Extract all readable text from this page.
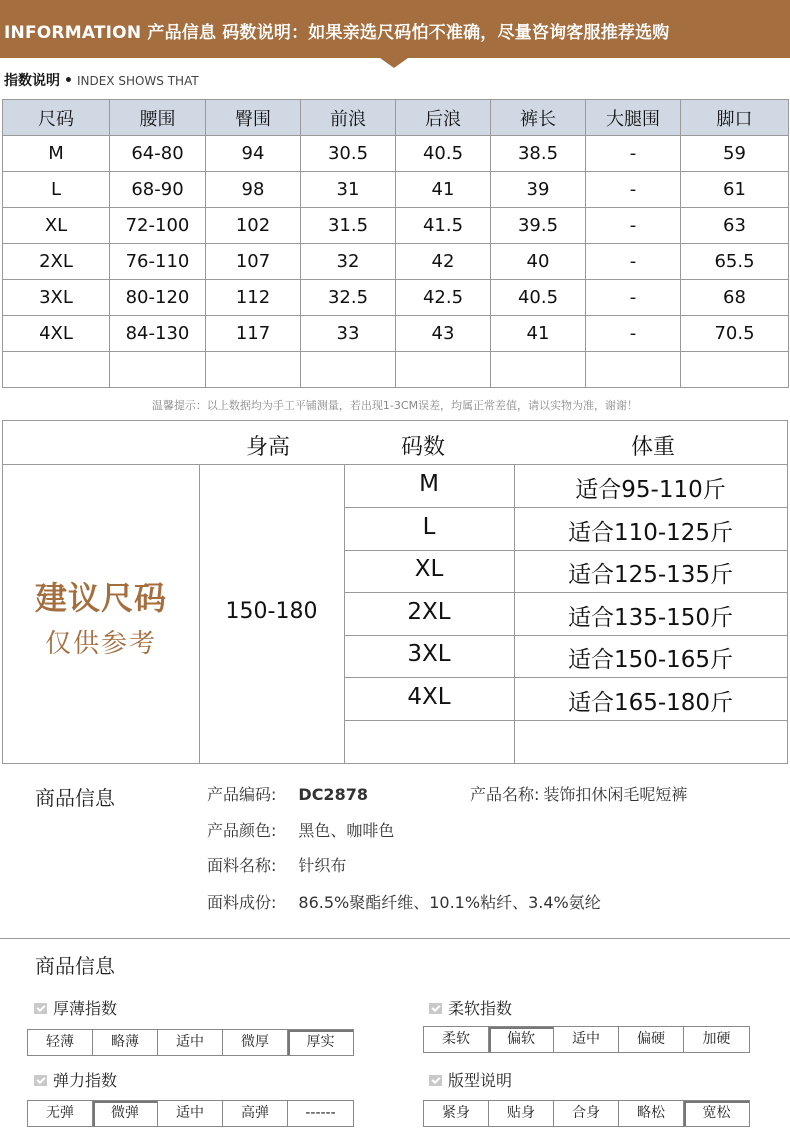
INFORMATION 产品信息 码数说明：如果亲选尺码怕不准确，尽量咨询客服推荐选购
指数说明 • INDEX SHOWS THAT
尺码	腰围	臀围	前浪	后浪	裤长	大腿围	脚口
M	64-80	94	30.5	40.5	38.5	-	59
L	68-90	98	31	41	39	-	61
XL	72-100	102	31.5	41.5	39.5	-	63
2XL	76-110	107	32	42	40	-	65.5
3XL	80-120	112	32.5	42.5	40.5	-	68
4XL	84-130	117	33	43	41	-	70.5

温馨提示：以上数据均为手工平铺测量，若出现1-3CM误差，均属正常差值，请以实物为准，谢谢！
身高	码数	体重
建议尺码
仅供参考
150-180
M	适合95-110斤
L	适合110-125斤
XL	适合125-135斤
2XL	适合135-150斤
3XL	适合150-165斤
4XL	适合165-180斤
商品信息	产品编码: DC2878	产品名称: 装饰扣休闲毛呢短裤
产品颜色: 黑色、咖啡色
面料名称: 针织布
面料成份: 86.5%聚酯纤维、10.1%粘纤、3.4%氨纶
商品信息
厚薄指数
轻薄	略薄	适中	微厚	厚实
柔软指数
柔软	偏软	适中	偏硬	加硬
弹力指数
无弹	微弹	适中	高弹	------
版型说明
紧身	贴身	合身	略松	宽松
